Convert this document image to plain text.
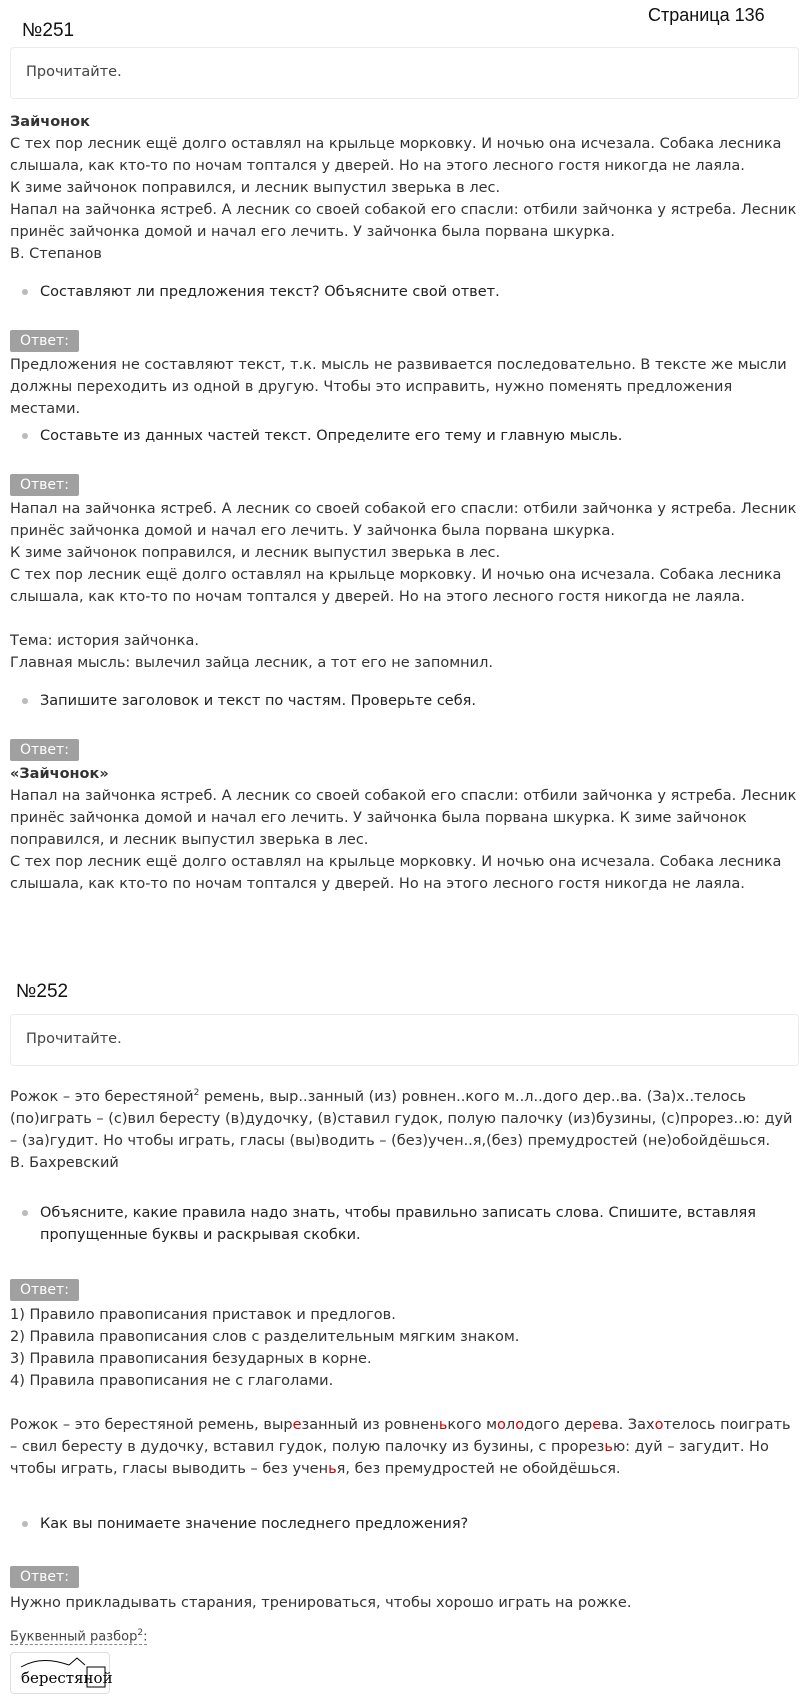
Страница 136
№251
Прочитайте.

Зайчонок

С тех пор лесник ещё долго оставлял на крыльце морковку. И ночью она исчезала. Собака лесника слышала, как кто-то по ночам топтался у дверей. Но на этого лесного гостя никогда не лаяла.

К зиме зайчонок поправился, и лесник выпустил зверька в лес.

Напал на зайчонка ястреб. А лесник со своей собакой его спасли: отбили зайчонка у ястреба. Лесник принёс зайчонка домой и начал его лечить. У зайчонка была порвана шкурка.

В. Степанов

Составляют ли предложения текст? Объясните свой ответ.
Ответ:

Предложения не составляют текст, т.к. мысль не развивается последовательно. В тексте же мысли должны переходить из одной в другую. Чтобы это исправить, нужно поменять предложения местами.

Составьте из данных частей текст. Определите его тему и главную мысль.
Ответ:

Напал на зайчонка ястреб. А лесник со своей собакой его спасли: отбили зайчонка у ястреба. Лесник принёс зайчонка домой и начал его лечить. У зайчонка была порвана шкурка.

К зиме зайчонок поправился, и лесник выпустил зверька в лес.

С тех пор лесник ещё долго оставлял на крыльце морковку. И ночью она исчезала. Собака лесника слышала, как кто-то по ночам топтался у дверей. Но на этого лесного гостя никогда не лаяла.

Тема: история зайчонка.

Главная мысль: вылечил зайца лесник, а тот его не запомнил.

Запишите заголовок и текст по частям. Проверьте себя.
Ответ:

«Зайчонок»

Напал на зайчонка ястреб. А лесник со своей собакой его спасли: отбили зайчонка у ястреба. Лесник принёс зайчонка домой и начал его лечить. У зайчонка была порвана шкурка. К зиме зайчонок поправился, и лесник выпустил зверька в лес.

С тех пор лесник ещё долго оставлял на крыльце морковку. И ночью она исчезала. Собака лесника слышала, как кто-то по ночам топтался у дверей. Но на этого лесного гостя никогда не лаяла.

№252
Прочитайте.

Рожок – это берестяной$^2$ ремень, выр..занный (из) ровнен..кого м..л..дого дер..ва. (За)х..телось (по)играть – (с)вил бересту (в)дудочку, (в)ставил гудок, полую палочку (из)бузины, (с)прорез..ю: дуй – (за)гудит. Но чтобы играть, гласы (вы)водить – (без)учен..я,(без) премудростей (не)обойдёшься.

В. Бахревский

Объясните, какие правила надо знать, чтобы правильно записать слова. Спишите, вставляя пропущенные буквы и раскрывая скобки.
Ответ:

1) Правило правописания приставок и предлогов.

2) Правила правописания слов с разделительным мягким знаком.

3) Правила правописания безударных в корне.

4) Правила правописания не с глаголами.

Рожок – это берестяной ремень, вырезанный из ровненького молодого дерева. Захотелось поиграть – свил бересту в дудочку, вставил гудок, полую палочку из бузины, с прорезью: дуй – загудит. Но чтобы играть, гласы выводить – без ученья, без премудростей не обойдёшься.

Как вы понимаете значение последнего предложения?
Ответ:

Нужно прикладывать старания, тренироваться, чтобы хорошо играть на рожке.

Буквенный разбор$^2$:
берестяной
